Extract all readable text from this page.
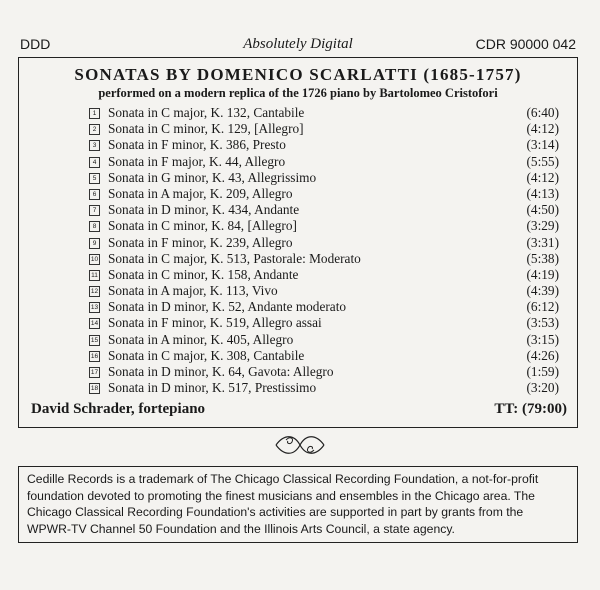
DDD	Absolutely Digital	CDR 90000 042
SONATAS BY DOMENICO SCARLATTI (1685-1757)
performed on a modern replica of the 1726 piano by Bartolomeo Cristofori
1 Sonata in C major, K. 132, Cantabile	(6:40)
2 Sonata in C minor, K. 129, [Allegro]	(4:12)
3 Sonata in F minor, K. 386, Presto	(3:14)
4 Sonata in F major, K. 44, Allegro	(5:55)
5 Sonata in G minor, K. 43, Allegrissimo	(4:12)
6 Sonata in A major, K. 209, Allegro	(4:13)
7 Sonata in D minor, K. 434, Andante	(4:50)
8 Sonata in C minor, K. 84, [Allegro]	(3:29)
9 Sonata in F minor, K. 239, Allegro	(3:31)
10 Sonata in C major, K. 513, Pastorale: Moderato	(5:38)
11 Sonata in C minor, K. 158, Andante	(4:19)
12 Sonata in A major, K. 113, Vivo	(4:39)
13 Sonata in D minor, K. 52, Andante moderato	(6:12)
14 Sonata in F minor, K. 519, Allegro assai	(3:53)
15 Sonata in A minor, K. 405, Allegro	(3:15)
16 Sonata in C major, K. 308, Cantabile	(4:26)
17 Sonata in D minor, K. 64, Gavota: Allegro	(1:59)
18 Sonata in D minor, K. 517, Prestissimo	(3:20)
David Schrader, fortepiano	TT: (79:00)
Cedille Records is a trademark of The Chicago Classical Recording Foundation, a not-for-profit foundation devoted to promoting the finest musicians and ensembles in the Chicago area. The Chicago Classical Recording Foundation's activities are supported in part by grants from the WPWR-TV Channel 50 Foundation and the Illinois Arts Council, a state agency.
